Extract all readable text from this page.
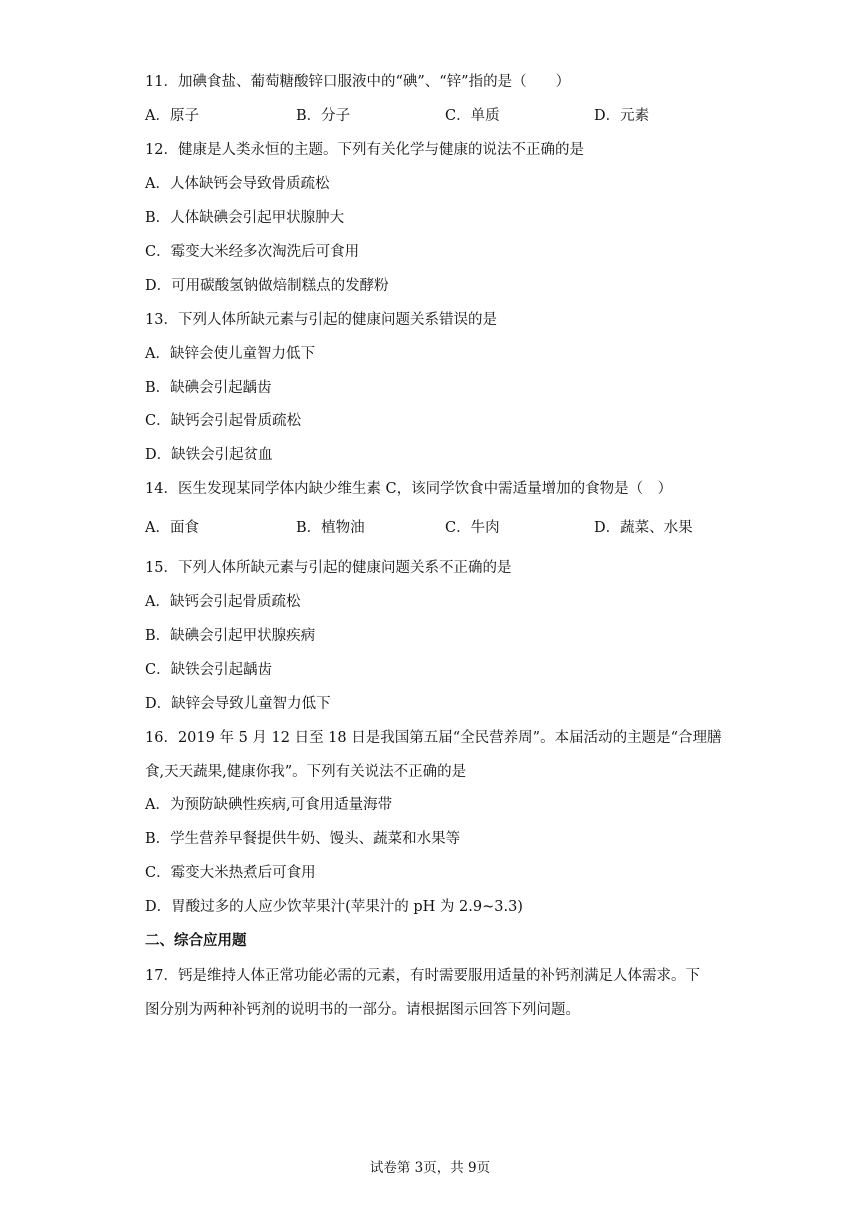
11．加碘食盐、葡萄糖酸锌口服液中的“碘”、“锌”指的是（　　）
A．原子	B．分子	C．单质	D．元素
12．健康是人类永恒的主题。下列有关化学与健康的说法不正确的是
A．人体缺钙会导致骨质疏松
B．人体缺碘会引起甲状腺肿大
C．霉变大米经多次淘洗后可食用
D．可用碳酸氢钠做焙制糕点的发酵粉
13．下列人体所缺元素与引起的健康问题关系错误的是
A．缺锌会使儿童智力低下
B．缺碘会引起龋齿
C．缺钙会引起骨质疏松
D．缺铁会引起贫血
14．医生发现某同学体内缺少维生素 C，该同学饮食中需适量增加的食物是（　）
A．面食	B．植物油	C．牛肉	D．蔬菜、水果
15．下列人体所缺元素与引起的健康问题关系不正确的是
A．缺钙会引起骨质疏松
B．缺碘会引起甲状腺疾病
C．缺铁会引起龋齿
D．缺锌会导致儿童智力低下
16．2019 年 5 月 12 日至 18 日是我国第五届“全民营养周”。本届活动的主题是“合理膳
食,天天蔬果,健康你我”。下列有关说法不正确的是
A．为预防缺碘性疾病,可食用适量海带
B．学生营养早餐提供牛奶、馒头、蔬菜和水果等
C．霉变大米热煮后可食用
D．胃酸过多的人应少饮苹果汁(苹果汁的 pH 为 2.9~3.3)
二、综合应用题
17．钙是维持人体正常功能必需的元素，有时需要服用适量的补钙剂满足人体需求。下
图分别为两种补钙剂的说明书的一部分。请根据图示回答下列问题。
试卷第 3页，共 9页
